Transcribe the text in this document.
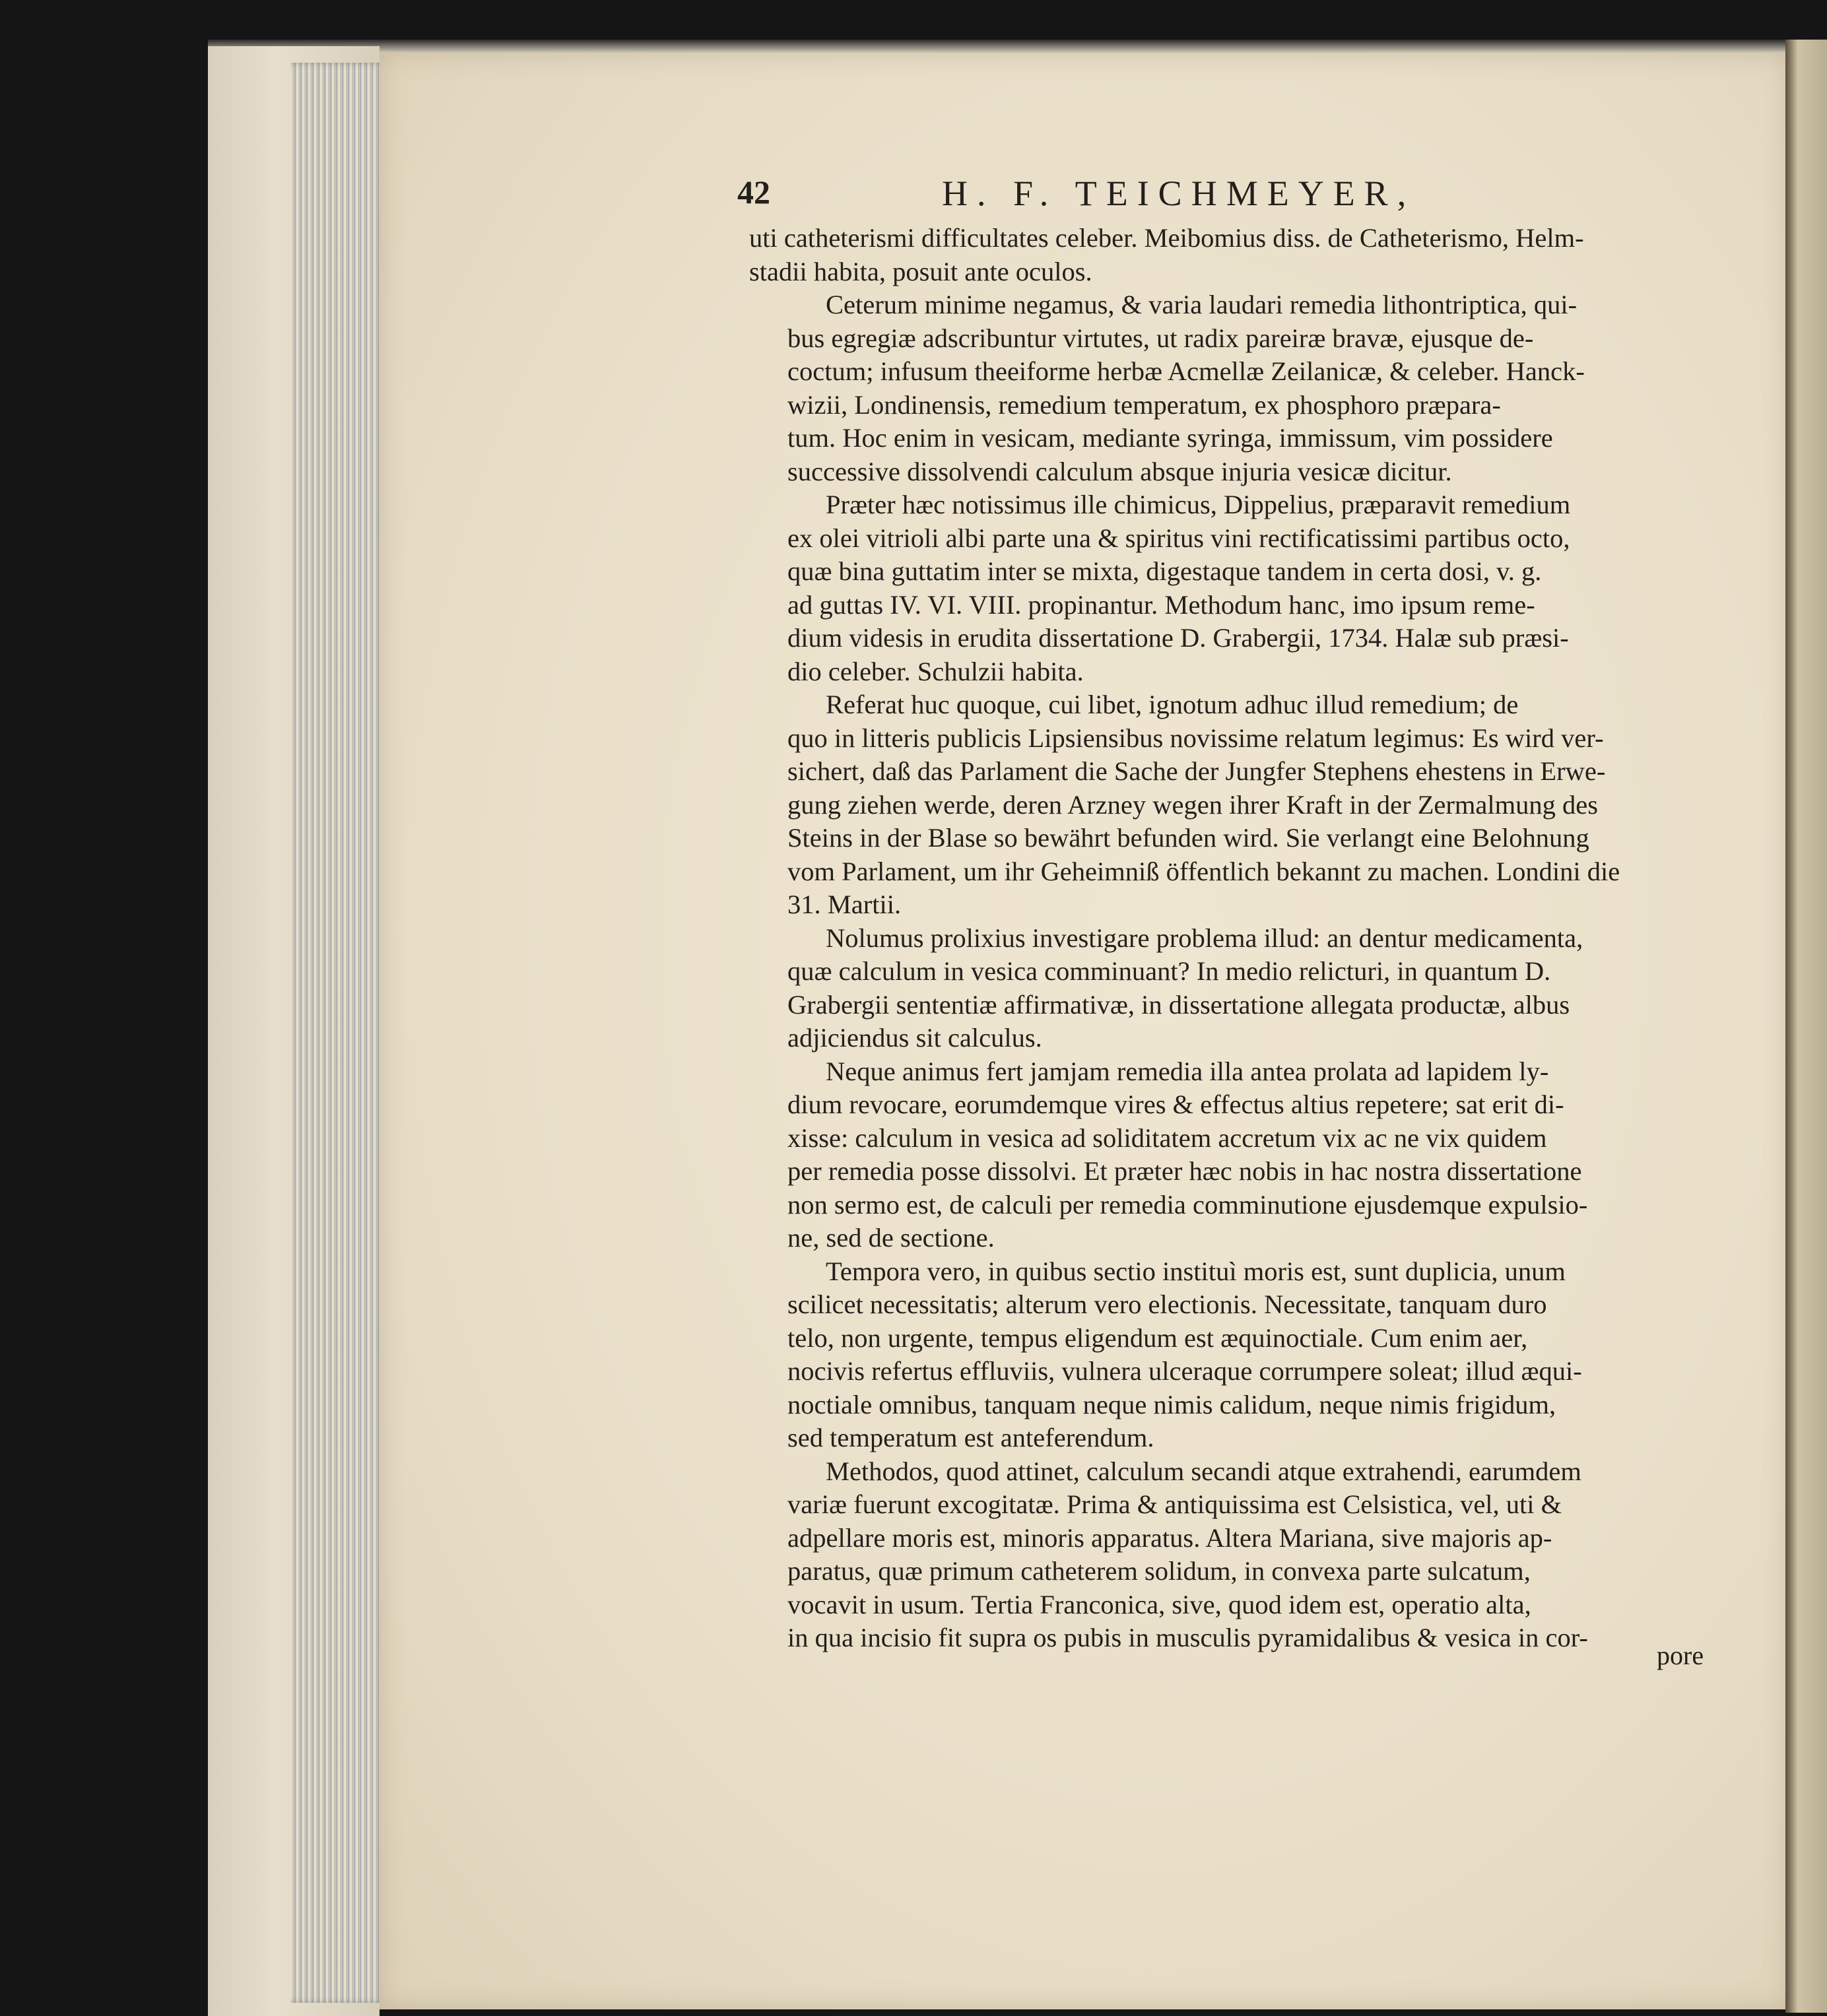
42	H. F. TEICHMEYER,
uti catheterismi difficultates celeber. Meibomius diss. de Catheterismo, Helm-
stadii habita, posuit ante oculos.
Ceterum minime negamus, & varia laudari remedia lithontriptica, qui-
bus egregiæ adscribuntur virtutes, ut radix pareiræ bravæ, ejusque de-
coctum; infusum theeiforme herbæ Acmellæ Zeilanicæ, & celeber. Hanck-
wizii, Londinensis, remedium temperatum, ex phosphoro præpara-
tum. Hoc enim in vesicam, mediante syringa, immissum, vim possidere
successive dissolvendi calculum absque injuria vesicæ dicitur.
Præter hæc notissimus ille chimicus, Dippelius, præparavit remedium
ex olei vitrioli albi parte una & spiritus vini rectificatissimi partibus octo,
quæ bina guttatim inter se mixta, digestaque tandem in certa dosi, v. g.
ad guttas IV. VI. VIII. propinantur. Methodum hanc, imo ipsum reme-
dium videsis in erudita dissertatione D. Grabergii, 1734. Halæ sub præsi-
dio celeber. Schulzii habita.
Referat huc quoque, cui libet, ignotum adhuc illud remedium; de
quo in litteris publicis Lipsiensibus novissime relatum legimus: Es wird ver-
sichert, daß das Parlament die Sache der Jungfer Stephens ehestens in Erwe-
gung ziehen werde, deren Arzney wegen ihrer Kraft in der Zermalmung des
Steins in der Blase so bewährt befunden wird. Sie verlangt eine Belohnung
vom Parlament, um ihr Geheimniß öffentlich bekannt zu machen. Londini die
31. Martii.
Nolumus prolixius investigare problema illud: an dentur medicamenta,
quæ calculum in vesica comminuant? In medio relicturi, in quantum D.
Grabergii sententiæ affirmativæ, in dissertatione allegata productæ, albus
adjiciendus sit calculus.
Neque animus fert jamjam remedia illa antea prolata ad lapidem ly-
dium revocare, eorumdemque vires & effectus altius repetere; sat erit di-
xisse: calculum in vesica ad soliditatem accretum vix ac ne vix quidem
per remedia posse dissolvi. Et præter hæc nobis in hac nostra dissertatione
non sermo est, de calculi per remedia comminutione ejusdemque expulsio-
ne, sed de sectione.
Tempora vero, in quibus sectio instituì moris est, sunt duplicia, unum
scilicet necessitatis; alterum vero electionis. Necessitate, tanquam duro
telo, non urgente, tempus eligendum est æquinoctiale. Cum enim aer,
nocivis refertus effluviis, vulnera ulceraque corrumpere soleat; illud æqui-
noctiale omnibus, tanquam neque nimis calidum, neque nimis frigidum,
sed temperatum est anteferendum.
Methodos, quod attinet, calculum secandi atque extrahendi, earumdem
variæ fuerunt excogitatæ. Prima & antiquissima est Celsistica, vel, uti &
adpellare moris est, minoris apparatus. Altera Mariana, sive majoris ap-
paratus, quæ primum catheterem solidum, in convexa parte sulcatum,
vocavit in usum. Tertia Franconica, sive, quod idem est, operatio alta,
in qua incisio fit supra os pubis in musculis pyramidalibus & vesica in cor-
pore
